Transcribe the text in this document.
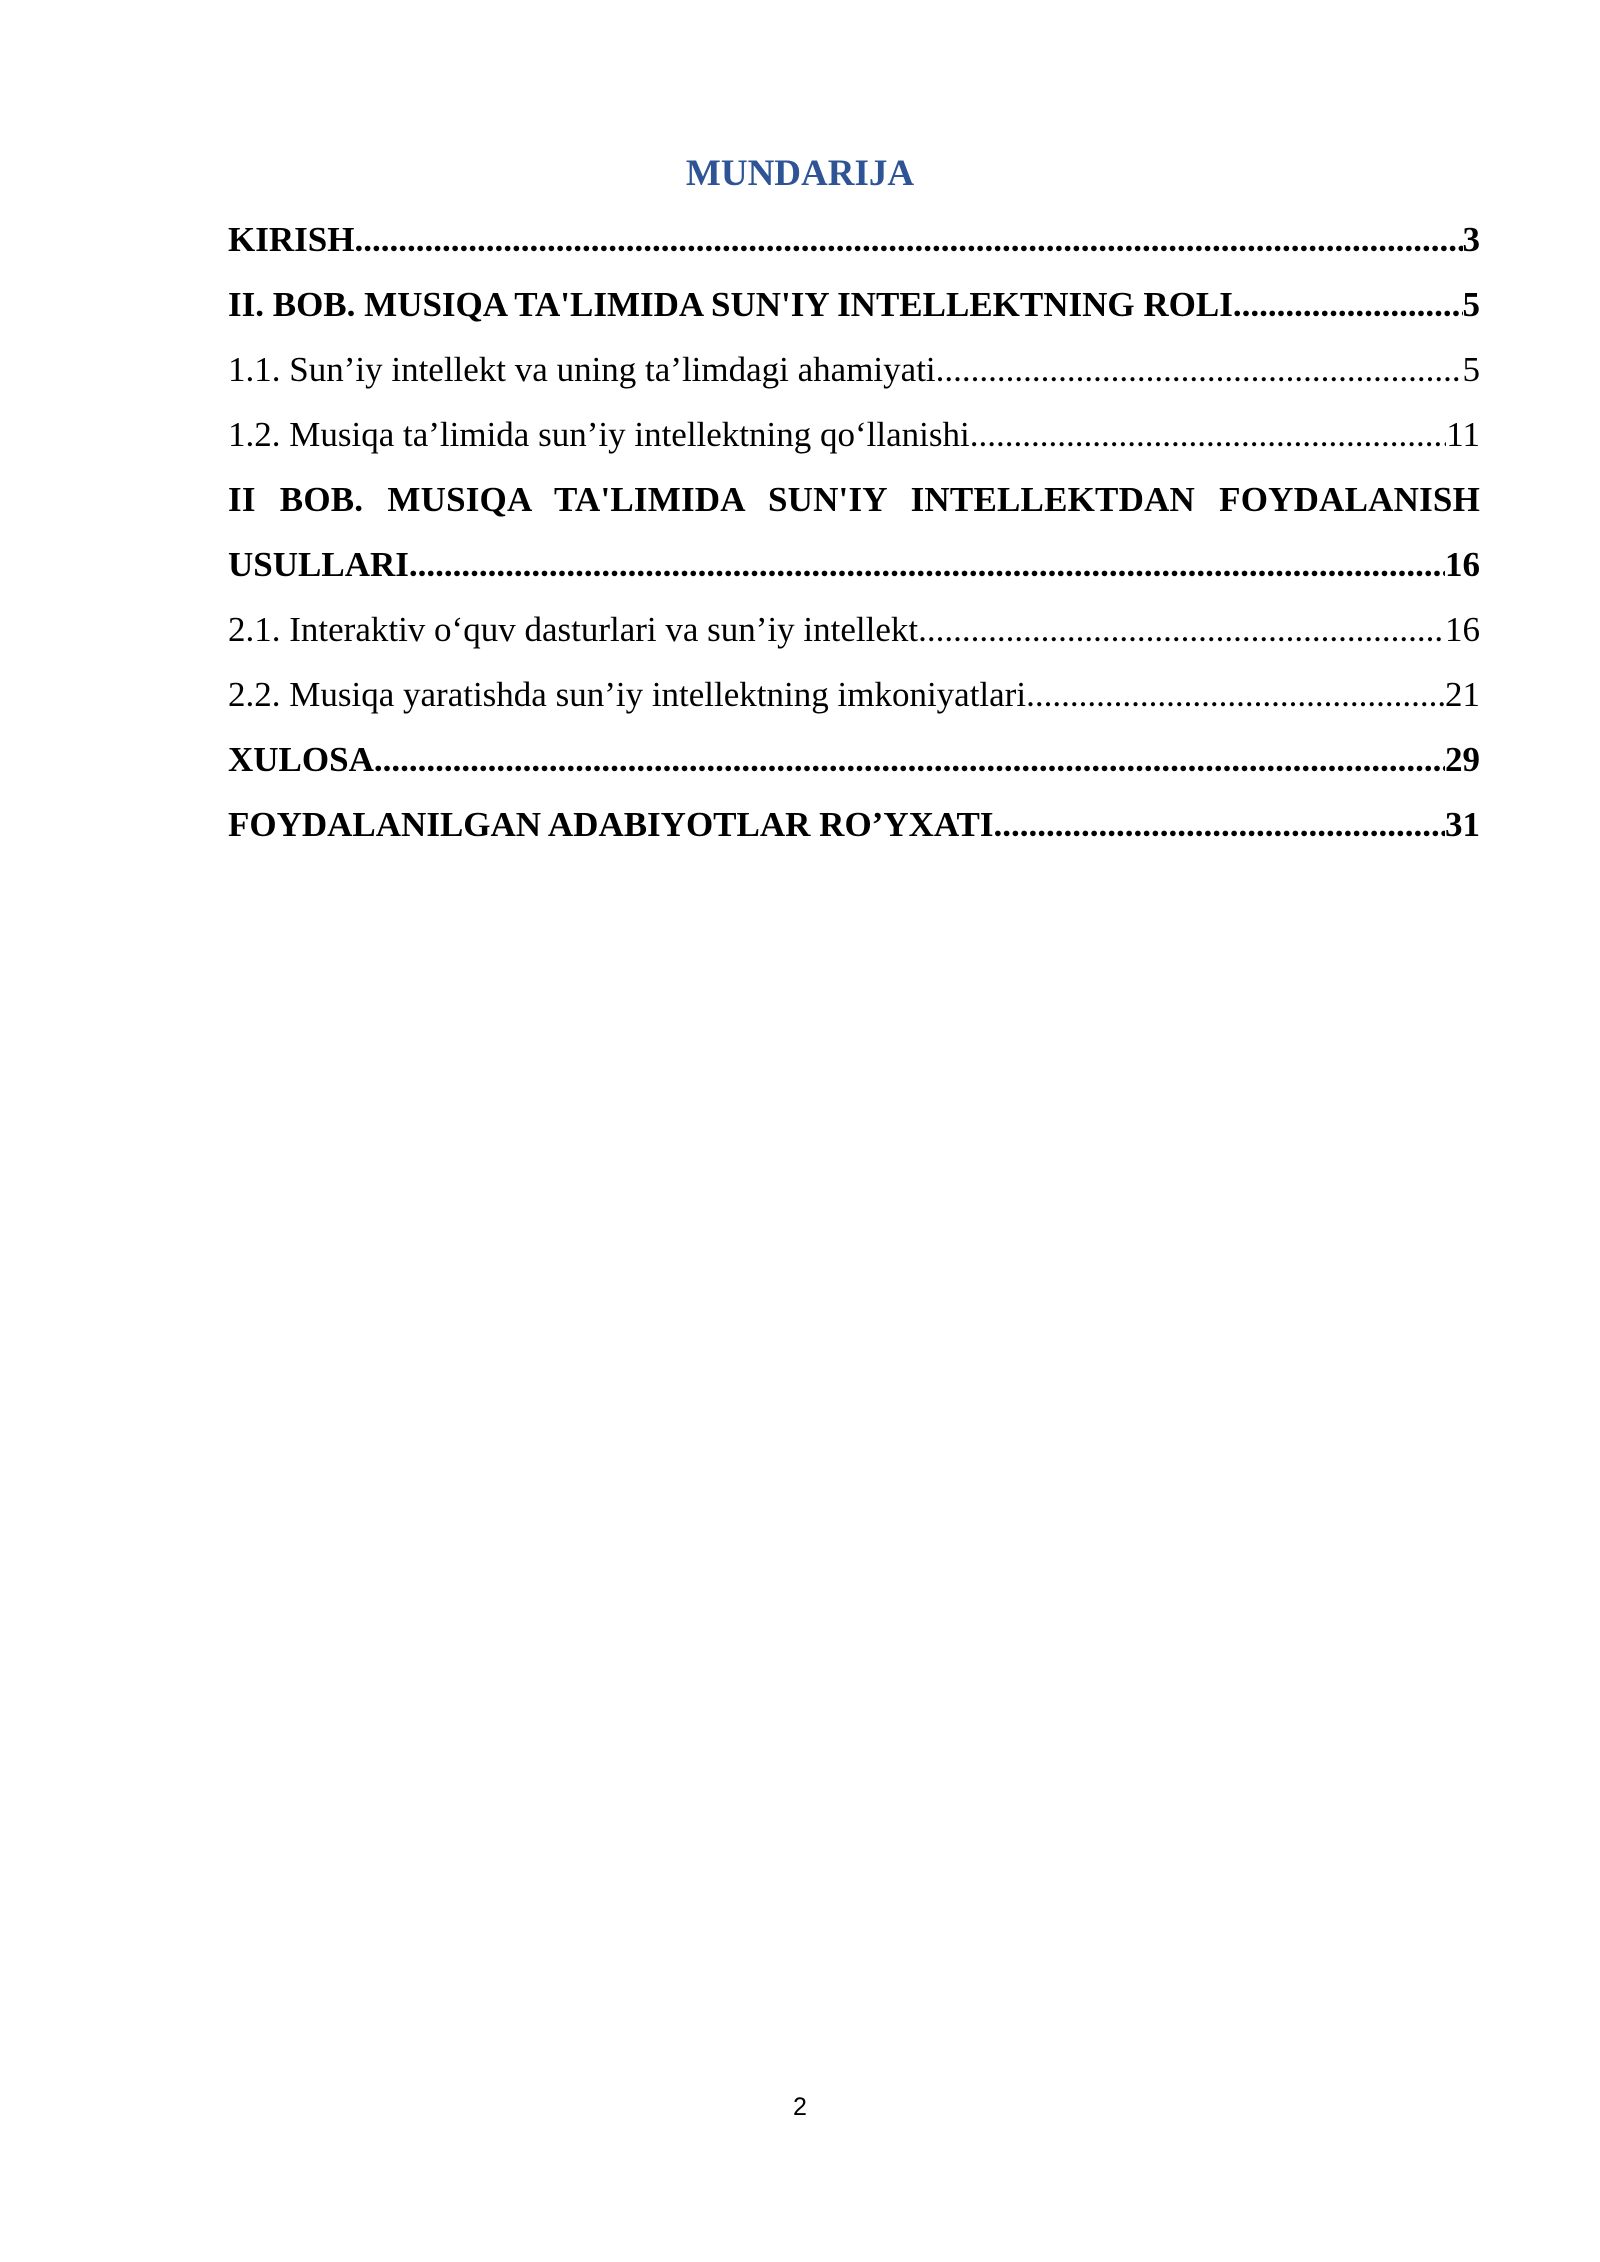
MUNDARIJA
KIRISH .....	3
II. BOB. MUSIQA TA'LIMIDA SUN'IY INTELLEKTNING ROLI .....	5
1.1. Sun’iy intellekt va uning ta’limdagi ahamiyati .....	5
1.2. Musiqa ta’limida sun’iy intellektning qo‘llanishi .....	11
II BOB. MUSIQA TA'LIMIDA SUN'IY INTELLEKTDAN FOYDALANISH
USULLARI .....	16
2.1. Interaktiv o‘quv dasturlari va sun’iy intellekt .....	16
2.2. Musiqa yaratishda sun’iy intellektning imkoniyatlari .....	21
XULOSA .....	29
FOYDALANILGAN ADABIYOTLAR RO’YXATI .....	31
2
